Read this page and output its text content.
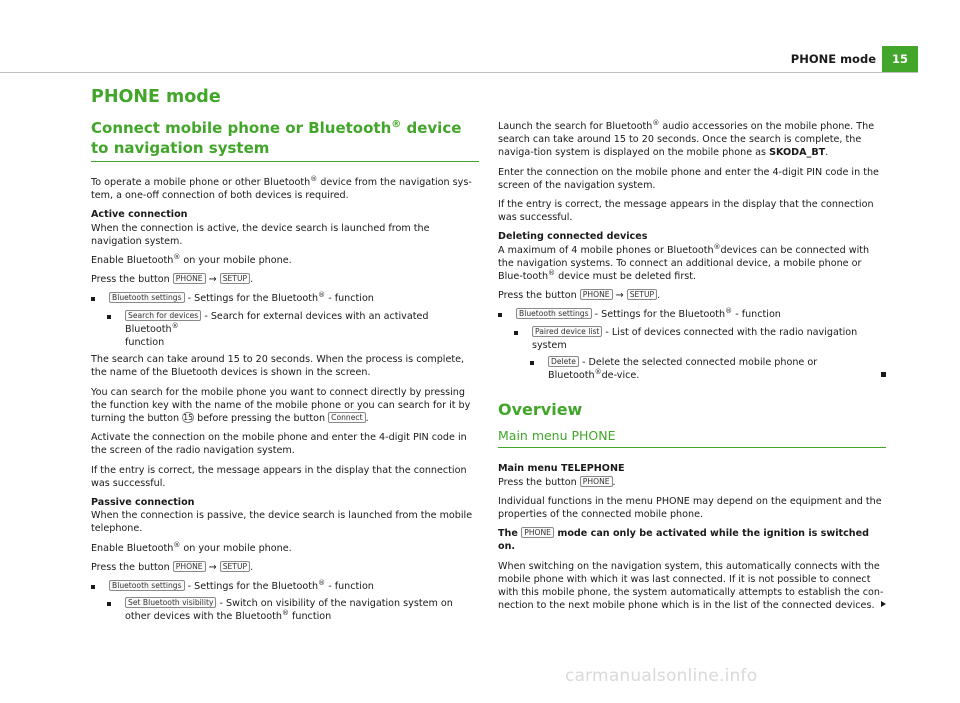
PHONE mode	15
PHONE mode
Connect mobile phone or Bluetooth® device to navigation system

To operate a mobile phone or other Bluetooth® device from the navigation sys-tem, a one-off connection of both devices is required.

Active connection

When the connection is active, the device search is launched from the navigation system.

Enable Bluetooth® on your mobile phone.

Press the button PHONE → SETUP .

Bluetooth settings - Settings for the Bluetooth® - function
Search for devices - Search for external devices with an activated Bluetooth®
function

The search can take around 15 to 20 seconds. When the process is complete, the name of the Bluetooth devices is shown in the screen.

You can search for the mobile phone you want to connect directly by pressing the function key with the name of the mobile phone or you can search for it by turning the button 15 before pressing the button Connect .

Activate the connection on the mobile phone and enter the 4-digit PIN code in the screen of the radio navigation system.

If the entry is correct, the message appears in the display that the connection was successful.

Passive connection

When the connection is passive, the device search is launched from the mobile telephone.

Enable Bluetooth® on your mobile phone.

Press the button PHONE → SETUP .

Bluetooth settings - Settings for the Bluetooth® - function
Set Bluetooth visibility - Switch on visibility of the navigation system on other devices with the Bluetooth® function

Launch the search for Bluetooth® audio accessories on the mobile phone. The search can take around 15 to 20 seconds. Once the search is complete, the naviga-tion system is displayed on the mobile phone as SKODA_BT.

Enter the connection on the mobile phone and enter the 4-digit PIN code in the screen of the navigation system.

If the entry is correct, the message appears in the display that the connection was successful.

Deleting connected devices

A maximum of 4 mobile phones or Bluetooth®devices can be connected with the navigation systems. To connect an additional device, a mobile phone or Blue-tooth® device must be deleted first.

Press the button PHONE → SETUP .

Bluetooth settings - Settings for the Bluetooth® - function
Paired device list - List of devices connected with the radio navigation system
Delete - Delete the selected connected mobile phone or Bluetooth®de-vice.
Overview
Main menu PHONE

Main menu TELEPHONE

Press the button PHONE .

Individual functions in the menu PHONE may depend on the equipment and the properties of the connected mobile phone.

The PHONE mode can only be activated while the ignition is switched on.

When switching on the navigation system, this automatically connects with the mobile phone with which it was last connected. If it is not possible to connect with this mobile phone, the system automatically attempts to establish the con-nection to the next mobile phone which is in the list of the connected devices.

carmanualsonline.info
